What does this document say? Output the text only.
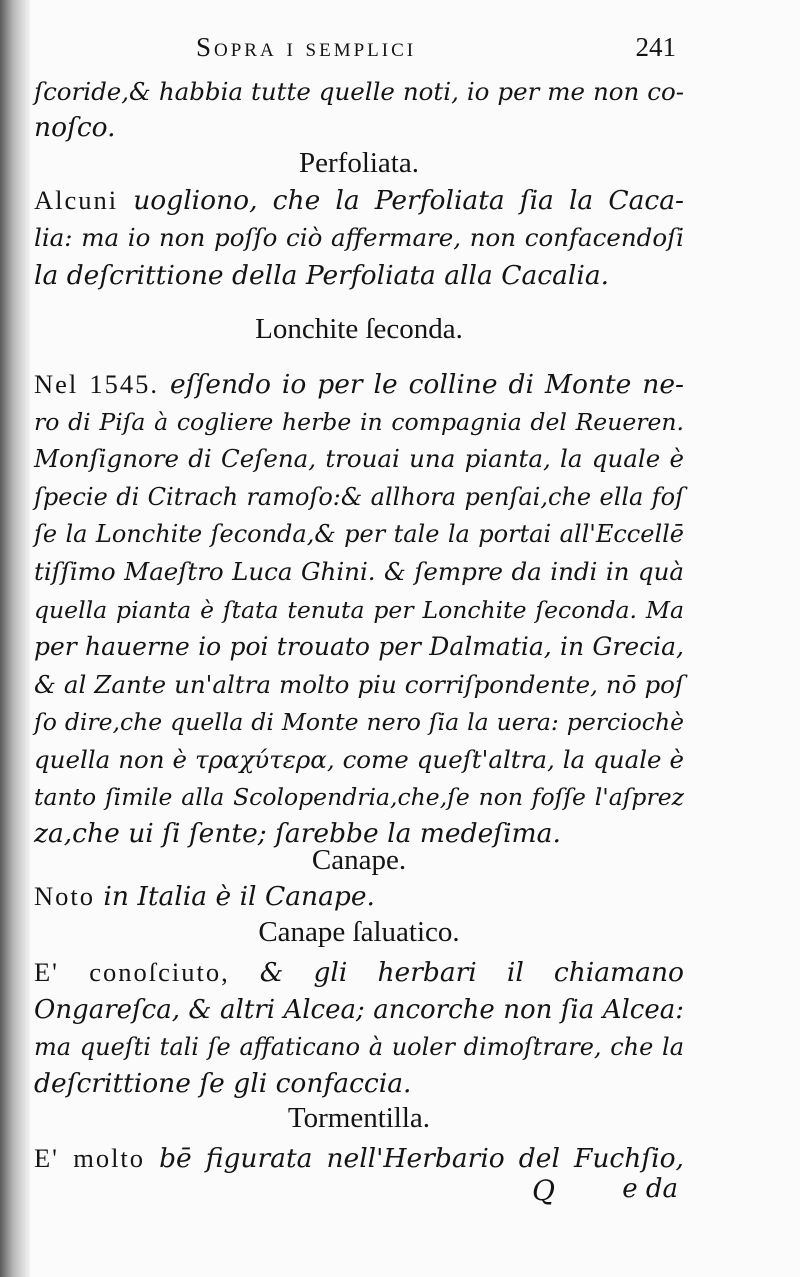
Sopra i semplici	241
ſcoride,& habbia tutte quelle noti, io per me non co-
noſco.
Perfoliata.
Alcuni uogliono, che la Perfoliata ſia la Caca-
lia: ma io non poſſo ciò affermare, non confacendoſi
la deſcrittione della Perfoliata alla Cacalia.
Lonchite ſeconda.
Nel 1545. eſſendo io per le colline di Monte ne-
ro di Piſa à cogliere herbe in compagnia del Reueren.
Monſignore di Ceſena, trouai una pianta, la quale è
ſpecie di Citrach ramoſo:& allhora penſai,che ella foſ
ſe la Lonchite ſeconda,& per tale la portai all'Eccellē
tiſſimo Maeſtro Luca Ghini. & ſempre da indi in quà
quella pianta è ſtata tenuta per Lonchite ſeconda. Ma
per hauerne io poi trouato per Dalmatia, in Grecia,
& al Zante un'altra molto piu corriſpondente, nō poſ
ſo dire,che quella di Monte nero ſia la uera: perciochè
quella non è τραχύτερα, come queſt'altra, la quale è
tanto ſimile alla Scolopendria,che,ſe non foſſe l'aſprez
za,che ui ſi ſente; ſarebbe la medeſima.
Canape.
Noto in Italia è il Canape.
Canape ſaluatico.
E' conoſciuto, & gli herbari il chiamano
Ongareſca, & altri Alcea; ancorche non ſia Alcea:
ma queſti tali ſe affaticano à uoler dimoſtrare, che la
deſcrittione ſe gli confaccia.
Tormentilla.
E' molto bē figurata nell'Herbario del Fuchſio,
Q	e da
